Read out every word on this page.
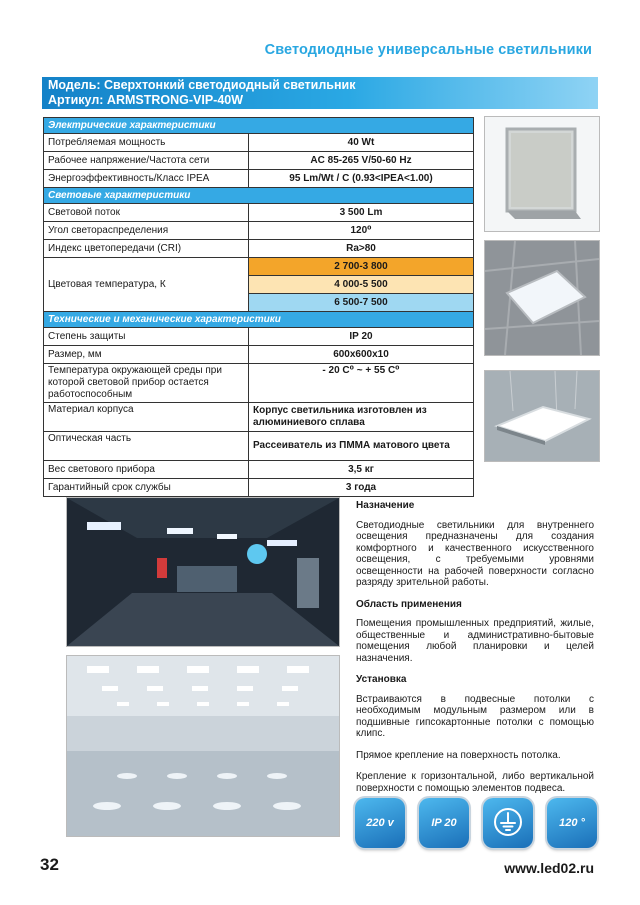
Светодиодные универсальные светильники
Модель: Сверхтонкий светодиодный светильник
Артикул: ARMSTRONG-VIP-40W
Электрические характеристики	
Потребляемая мощность	40 Wt
Рабочее напряжение/Частота сети	AC 85-265 V/50-60 Hz
Энергоэффективность/Класс IPEA	95 Lm/Wt / C (0.93<IPEA<1.00)
Световые характеристики	
Световой поток	3 500 Lm
Угол светораспределения	120⁰
Индекс цветопередачи (CRI)	Ra>80
Цветовая температура, К	2 700-3 800
	4 000-5 500
	6 500-7 500
Технические и механические характеристики	
Степень защиты	IP 20
Размер, мм	600x600x10
Температура окружающей среды при которой световой прибор остается работоспособным	- 20 C⁰ ~ + 55 C⁰
Материал корпуса	Корпус светильника изготовлен из алюминиевого сплава
Оптическая часть	Рассеиватель из ПММА матового цвета
Вес светового прибора	3,5 кг
Гарантийный срок службы	3 года
Назначение

Светодиодные светильники для внутреннего освещения предназначены для создания комфортного и качественного искусственного освещения, с требуемыми уровнями освещенности на рабочей поверхности согласно разряду зрительной работы.

Область применения

Помещения промышленных предприятий, жилые, общественные и административно-бытовые помещения любой планировки и целей назначения.

Установка

Встраиваются в подвесные потолки с необходимым модульным размером или в подшивные гипсокартонные потолки с помощью клипс.

Прямое крепление на поверхность потолка.

Крепление к горизонтальной, либо вертикальной поверхности с помощью элементов подвеса.

220 v	IP 20	120 °
32	www.led02.ru
